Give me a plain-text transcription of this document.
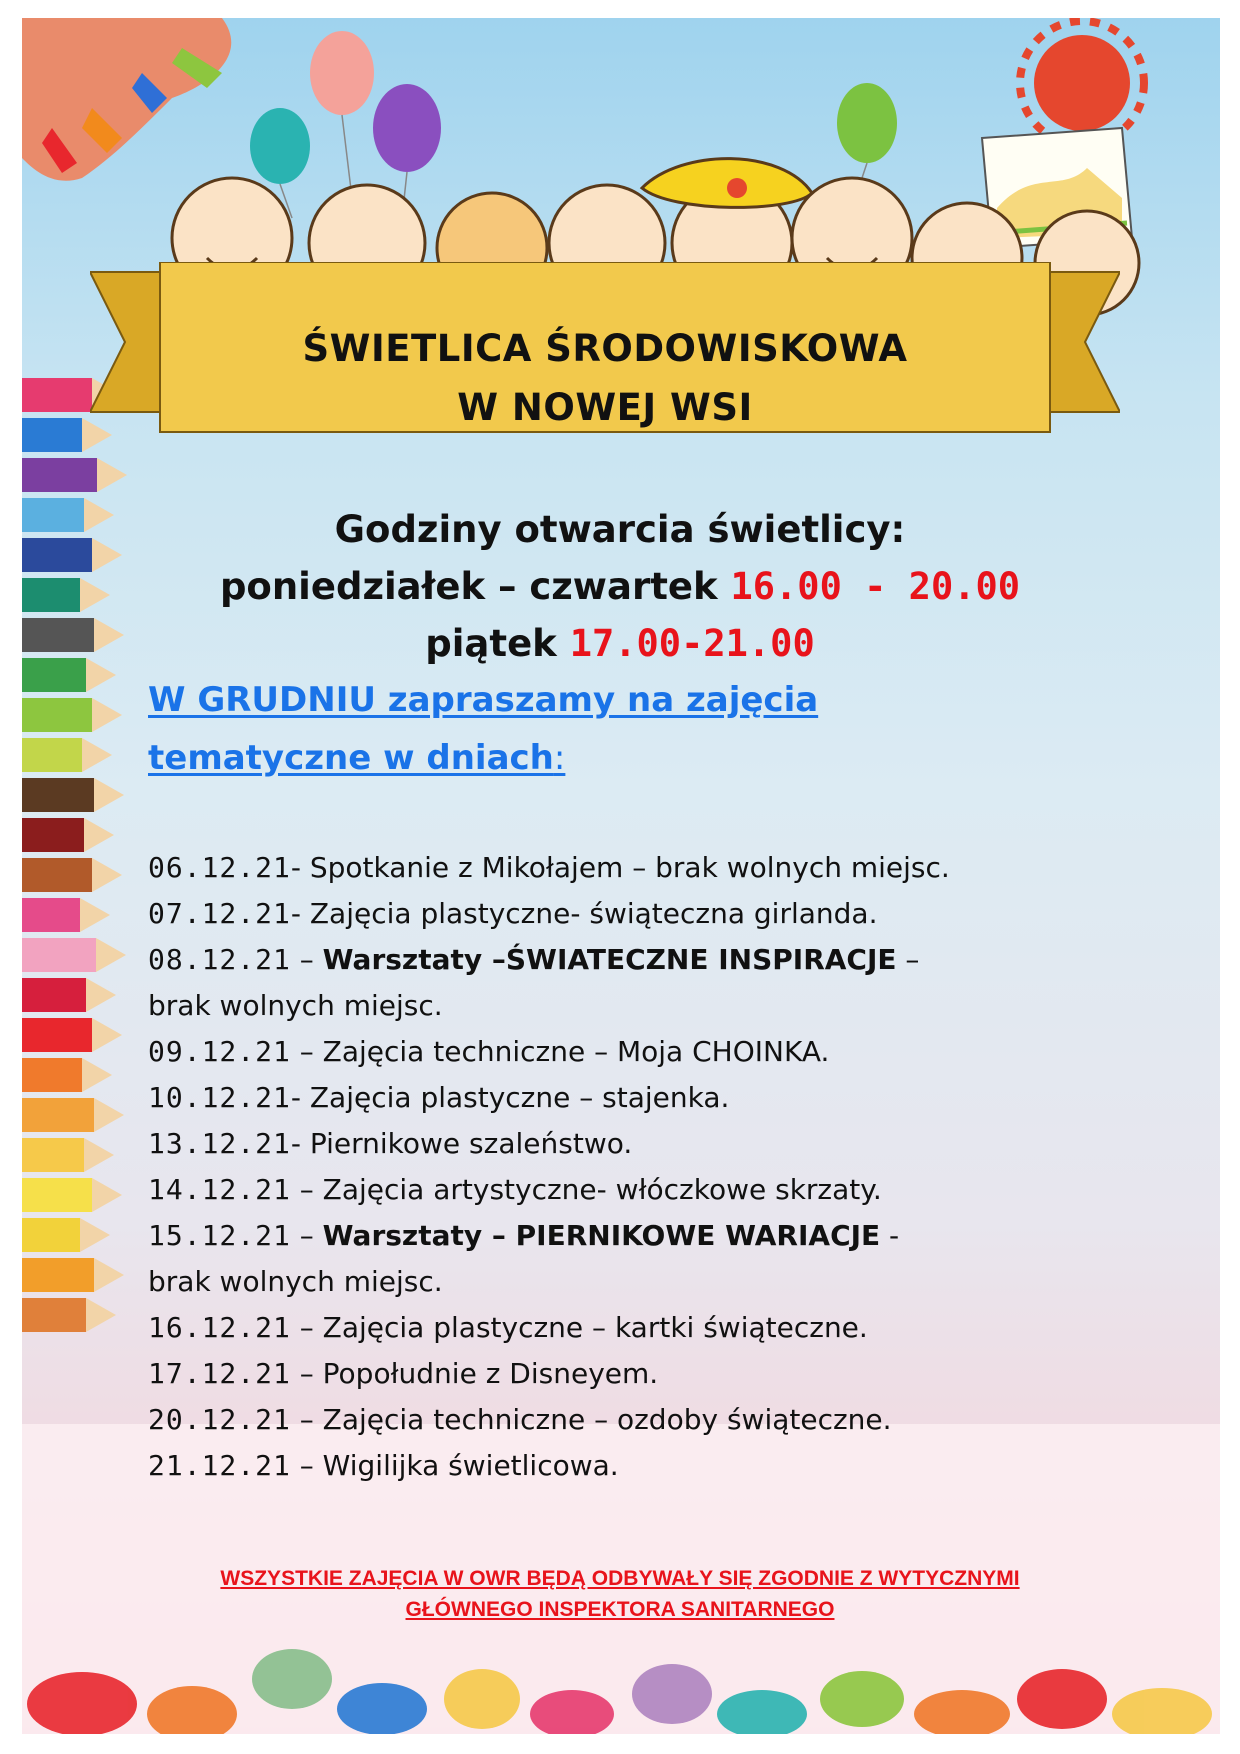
ŚWIETLICA ŚRODOWISKOWA
W NOWEJ WSI
Godziny otwarcia świetlicy:
poniedziałek – czwartek 16.00 - 20.00
piątek 17.00-21.00
W GRUDNIU zapraszamy na zajęcia
tematyczne w dniach:
06.12.21- Spotkanie z Mikołajem – brak wolnych miejsc.
07.12.21- Zajęcia plastyczne- świąteczna girlanda.
08.12.21 – Warsztaty –ŚWIATECZNE INSPIRACJE –
brak wolnych miejsc.
09.12.21 – Zajęcia techniczne – Moja CHOINKA.
10.12.21- Zajęcia plastyczne – stajenka.
13.12.21- Piernikowe szaleństwo.
14.12.21 – Zajęcia artystyczne- włóczkowe skrzaty.
15.12.21 – Warsztaty – PIERNIKOWE WARIACJE -
brak wolnych miejsc.
16.12.21 – Zajęcia plastyczne – kartki świąteczne.
17.12.21 – Popołudnie z Disneyem.
20.12.21 – Zajęcia techniczne – ozdoby świąteczne.
21.12.21 – Wigilijka świetlicowa.
WSZYSTKIE ZAJĘCIA W OWR BĘDĄ ODBYWAŁY SIĘ ZGODNIE Z WYTYCZNYMI
GŁÓWNEGO INSPEKTORA SANITARNEGO
